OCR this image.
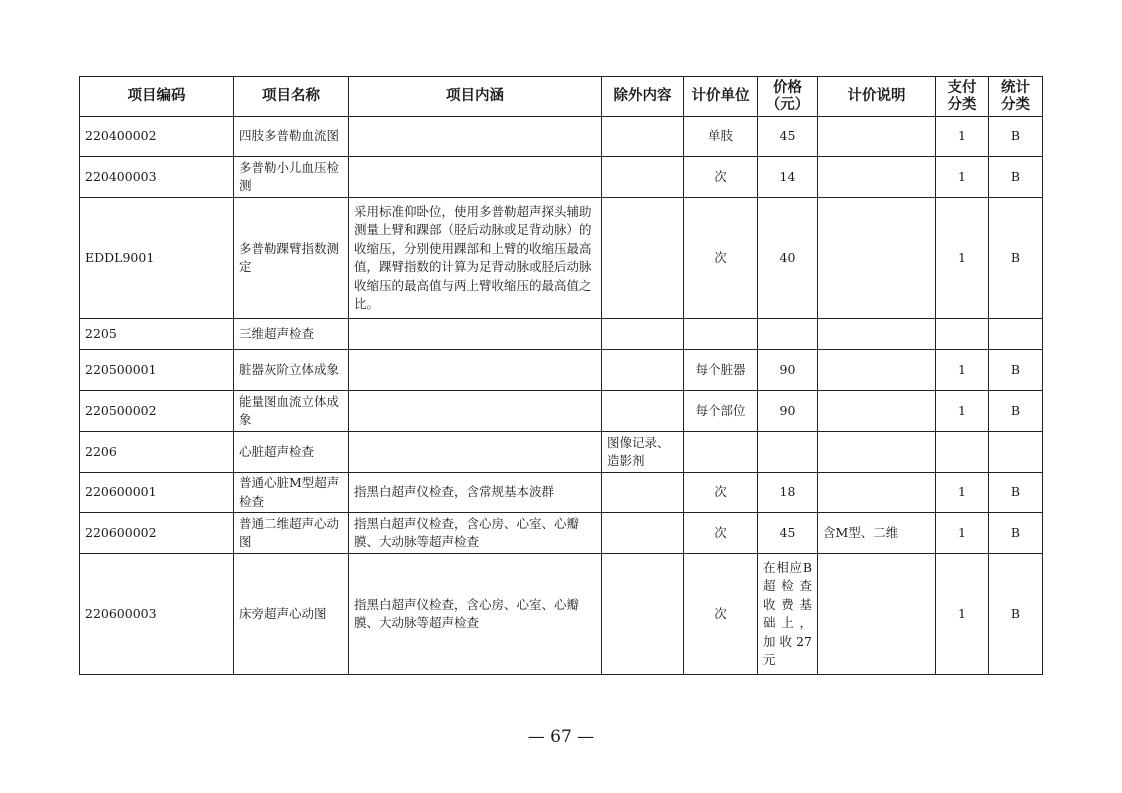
项目编码	项目名称	项目内涵	除外内容	计价单位	价格（元）	计价说明	支付分类	统计分类
220400002	四肢多普勒血流图			单肢	45		1	B
220400003	多普勒小儿血压检测			次	14		1	B
EDDL9001	多普勒踝臂指数测定	采用标准仰卧位，使用多普勒超声探头辅助测量上臂和踝部（胫后动脉或足背动脉）的收缩压，分别使用踝部和上臂的收缩压最高值，踝臂指数的计算为足背动脉或胫后动脉收缩压的最高值与两上臂收缩压的最高值之比。		次	40		1	B
2205	三维超声检查							
220500001	脏器灰阶立体成象			每个脏器	90		1	B
220500002	能量图血流立体成象			每个部位	90		1	B
2206	心脏超声检查		图像记录、造影剂					
220600001	普通心脏M型超声检查	指黑白超声仪检查，含常规基本波群		次	18		1	B
220600002	普通二维超声心动图	指黑白超声仪检查，含心房、心室、心瓣膜、大动脉等超声检查		次	45	含M型、二维	1	B
220600003	床旁超声心动图	指黑白超声仪检查，含心房、心室、心瓣膜、大动脉等超声检查		次	在相应B超检查收费基础上，加收27元		1	B
— 67 —
